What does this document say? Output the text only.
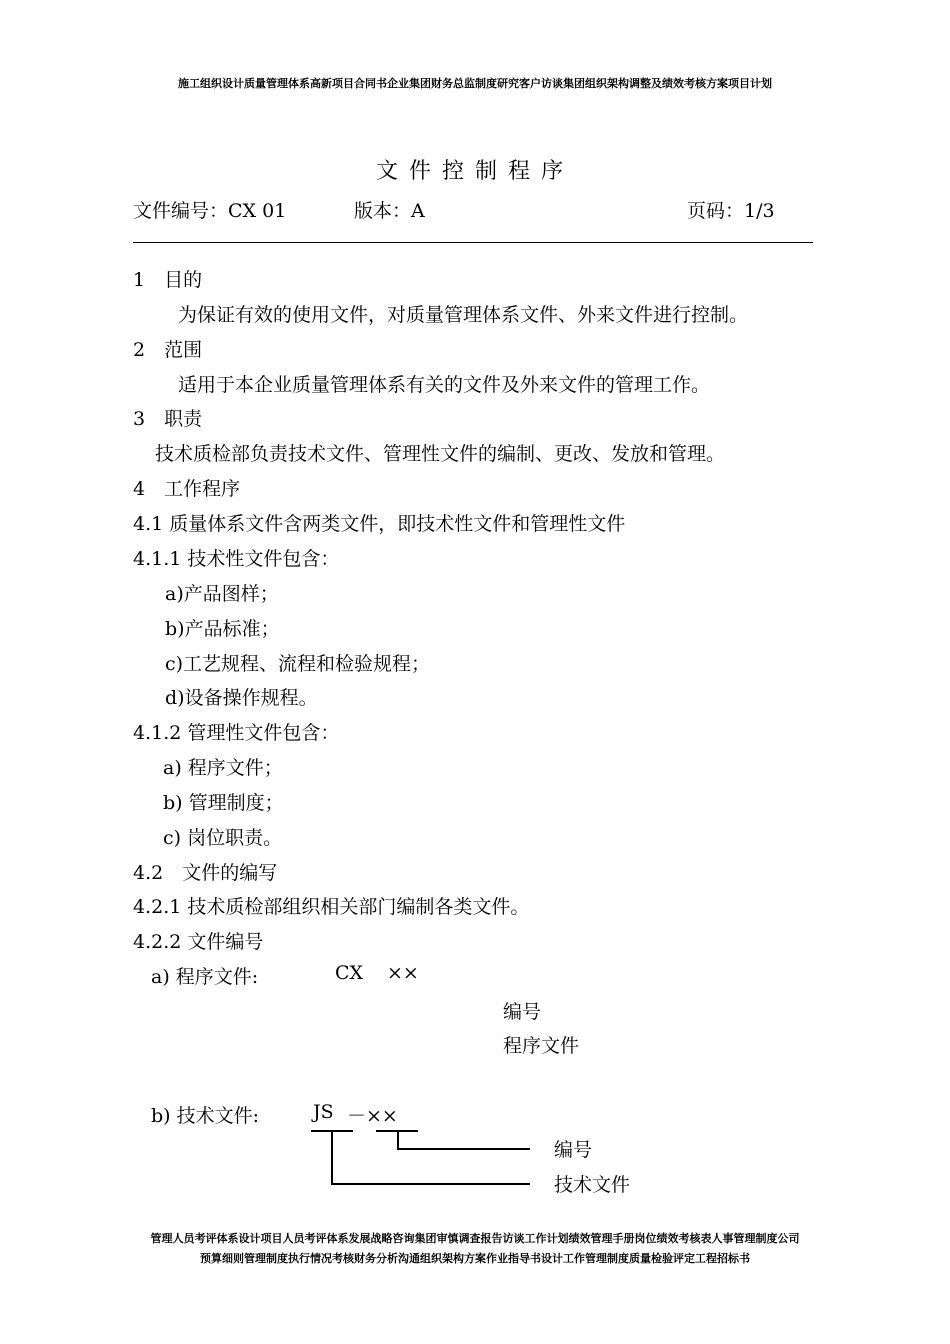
施工组织设计质量管理体系高新项目合同书企业集团财务总监制度研究客户访谈集团组织架构调整及绩效考核方案项目计划
文件控制程序
文件编号：CX 01	版本：A	页码：1/3
1　目的
为保证有效的使用文件，对质量管理体系文件、外来文件进行控制。
2　范围
适用于本企业质量管理体系有关的文件及外来文件的管理工作。
3　职责
技术质检部负责技术文件、管理性文件的编制、更改、发放和管理。
4　工作程序
4.1 质量体系文件含两类文件，即技术性文件和管理性文件
4.1.1 技术性文件包含：
a)产品图样；
b)产品标准；
c)工艺规程、流程和检验规程；
d)设备操作规程。
4.1.2 管理性文件包含：
a) 程序文件；
b) 管理制度；
c) 岗位职责。
4.2　文件的编写
4.2.1 技术质检部组织相关部门编制各类文件。
4.2.2 文件编号
a) 程序文件:	CX ××
编号
程序文件
b) 技术文件:	JS －××
编号
技术文件
管理人员考评体系设计项目人员考评体系发展战略咨询集团审慎调查报告访谈工作计划绩效管理手册岗位绩效考核表人事管理制度公司
预算细则管理制度执行情况考核财务分析沟通组织架构方案作业指导书设计工作管理制度质量检验评定工程招标书
